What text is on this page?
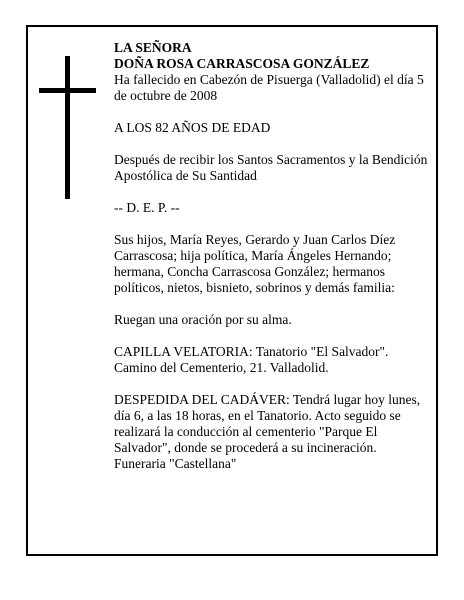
LA SEÑORA

DOÑA ROSA CARRASCOSA GONZÁLEZ

Ha fallecido en Cabezón de Pisuerga (Valladolid) el día 5 de octubre de 2008

A LOS 82 AÑOS DE EDAD

Después de recibir los Santos Sacramentos y la Bendición Apostólica de Su Santidad

-- D. E. P. --

Sus hijos, María Reyes, Gerardo y Juan Carlos Díez Carrascosa; hija política, María Ángeles Hernando; hermana, Concha Carrascosa González; hermanos políticos, nietos, bisnieto, sobrinos y demás familia:

Ruegan una oración por su alma.

CAPILLA VELATORIA: Tanatorio "El Salvador". Camino del Cementerio, 21. Valladolid.

DESPEDIDA DEL CADÁVER: Tendrá lugar hoy lunes, día 6, a las 18 horas, en el Tanatorio. Acto seguido se realizará la conducción al cementerio "Parque El Salvador", donde se procederá a su incineración.

Funeraria "Castellana"
